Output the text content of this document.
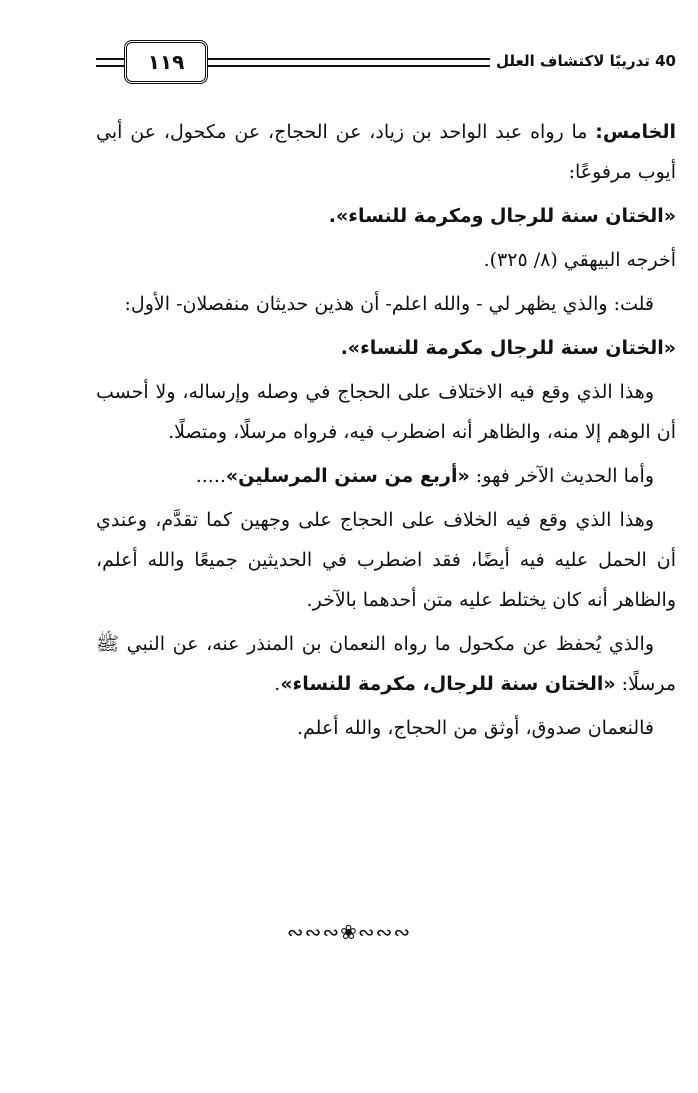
١١٩	40 تدريبًا لاكتشاف العلل

الخامس: ما رواه عبد الواحد بن زياد، عن الحجاج، عن مكحول، عن أبي أيوب مرفوعًا:

«الختان سنة للرجال ومكرمة للنساء».

أخرجه البيهقي (٨/ ٣٢٥).

قلت: والذي يظهر لي - والله اعلم- أن هذين حديثان منفصلان- الأول:

«الختان سنة للرجال مكرمة للنساء».

وهذا الذي وقع فيه الاختلاف على الحجاج في وصله وإرساله، ولا أحسب أن الوهم إلا منه، والظاهر أنه اضطرب فيه، فرواه مرسلًا، ومتصلًا.

وأما الحديث الآخر فهو: «أربع من سنن المرسلين».....

وهذا الذي وقع فيه الخلاف على الحجاج على وجهين كما تقدَّم، وعندي أن الحمل عليه فيه أيضًا، فقد اضطرب في الحديثين جميعًا والله أعلم، والظاهر أنه كان يختلط عليه متن أحدهما بالآخر.

والذي يُحفظ عن مكحول ما رواه النعمان بن المنذر عنه، عن النبي ﷺ مرسلًا: «الختان سنة للرجال، مكرمة للنساء».

فالنعمان صدوق، أوثق من الحجاج، والله أعلم.

∾∾∾❀∾∾∾
